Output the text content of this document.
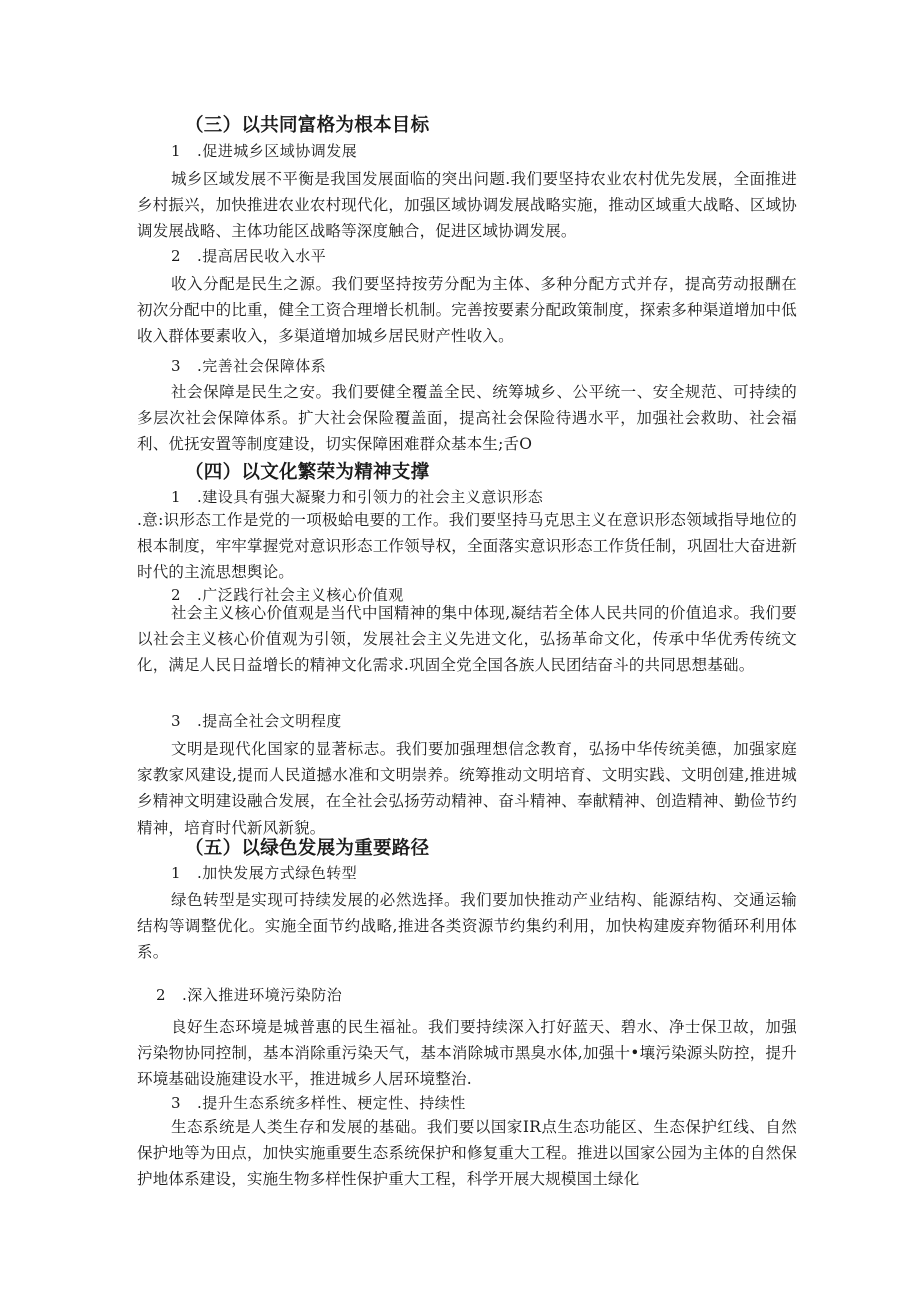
（三）以共同富格为根本目标
1 .促进城乡区域协调发展
城乡区域发展不平衡是我国发展面临的突出问题.我们要坚持农业农村优先发展，全面推进乡村振兴，加快推进农业农村现代化，加强区域协调发展战略实施，推动区域重大战略、区域协调发展战略、主体功能区战略等深度触合，促进区域协调发展。
2 .提高居民收入水平
收入分配是民生之源。我们要坚持按劳分配为主体、多种分配方式并存，提高劳动报酬在初次分配中的比重，健全工资合理增长机制。完善按要素分配政策制度，探索多种渠道增加中低收入群体要素收入，多渠道增加城乡居民财产性收入。
3 .完善社会保障体系
社会保障是民生之安。我们要健全覆盖全民、统筹城乡、公平统一、安全规范、可持续的多层次社会保障体系。扩大社会保险覆盖面，提高社会保险待遇水平，加强社会救助、社会福利、优抚安置等制度建设，切实保障困难群众基本生;舌O
（四）以文化繁荣为精神支撑
1 .建设具有强大凝聚力和引领力的社会主义意识形态
.意:识形态工作是党的一项极蛤电要的工作。我们要坚持马克思主义在意识形态领域指导地位的根本制度，牢牢掌握党对意识形态工作领导权，全面落实意识形态工作货任制，巩固壮大奋进新时代的主流思想舆论。
2 .广泛践行社会主义核心价值观
社会主义核心价值观是当代中国精神的集中体现,凝结若全体人民共同的价值追求。我们要以社会主义核心价值观为引领，发展社会主义先进文化，弘扬革命文化，传承中华优秀传统文化，满足人民日益增长的精神文化需求.巩固全党全国各族人民团结奋斗的共同思想基础。
3 .提高全社会文明程度
文明是现代化国家的显著标志。我们要加强理想信念教育，弘扬中华传统美德，加强家庭家教家风建设,提而人民道撼水准和文明崇养。统筹推动文明培育、文明实践、文明创建,推进城乡精神文明建设融合发展，在全社会弘扬劳动精神、奋斗精神、奉献精神、创造精神、勤俭节约精神，培育时代新风新貌。
（五）以绿色发展为重要路径
1 .加快发展方式绿色转型
绿色转型是实现可持续发展的必然选择。我们要加快推动产业结构、能源结构、交通运输结构等调整优化。实施全面节约战略,推进各类资源节约集约利用，加快构建废弃物循环利用体系。
2 .深入推进环境污染防治
良好生态环境是城普惠的民生福祉。我们要持续深入打好蓝天、碧水、净士保卫故，加强污染物协同控制，基本消除重污染天气，基本消除城市黑臭水体,加强十•壤污染源头防控，提升环境基础设施建设水平，推进城乡人居环境整治.
3 .提升生态系统多样性、梗定性、持续性
生态系统是人类生存和发展的基础。我们要以国家IR点生态功能区、生态保护红线、自然保护地等为田点，加快实施重要生态系统保护和修复重大工程。推进以国家公园为主体的自然保护地体系建设，实施生物多样性保护重大工程，科学开展大规模国土绿化
